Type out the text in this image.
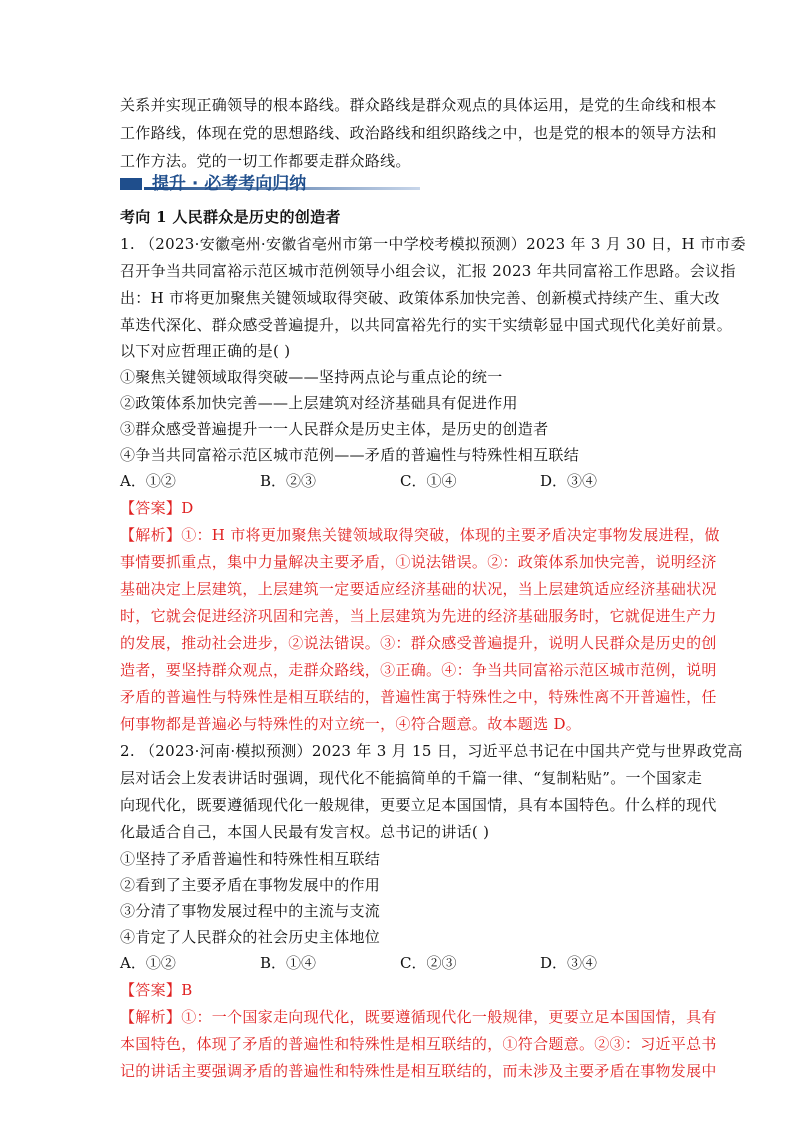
关系并实现正确领导的根本路线。群众路线是群众观点的具体运用，是党的生命线和根本
工作路线，体现在党的思想路线、政治路线和组织路线之中，也是党的根本的领导方法和
工作方法。党的一切工作都要走群众路线。
提升 · 必考考向归纳
考向 1 人民群众是历史的创造者
1. （2023·安徽亳州·安徽省亳州市第一中学校考模拟预测）2023 年 3 月 30 日，H 市市委
召开争当共同富裕示范区城市范例领导小组会议，汇报 2023 年共同富裕工作思路。会议指
出：H 市将更加聚焦关键领域取得突破、政策体系加快完善、创新模式持续产生、重大改
革迭代深化、群众感受普遍提升，以共同富裕先行的实干实绩彰显中国式现代化美好前景。
以下对应哲理正确的是( )
①聚焦关键领域取得突破——坚持两点论与重点论的统一
②政策体系加快完善——上层建筑对经济基础具有促进作用
③群众感受普遍提升一一人民群众是历史主体，是历史的创造者
④争当共同富裕示范区城市范例——矛盾的普遍性与特殊性相互联结
A．①②	B．②③	C．①④	D．③④
【答案】D
【解析】①：H 市将更加聚焦关键领域取得突破，体现的主要矛盾决定事物发展进程，做
事情要抓重点，集中力量解决主要矛盾，①说法错误。②：政策体系加快完善，说明经济
基础决定上层建筑，上层建筑一定要适应经济基础的状况，当上层建筑适应经济基础状况
时，它就会促进经济巩固和完善，当上层建筑为先进的经济基础服务时，它就促进生产力
的发展，推动社会进步，②说法错误。③：群众感受普遍提升，说明人民群众是历史的创
造者，要坚持群众观点，走群众路线，③正确。④：争当共同富裕示范区城市范例，说明
矛盾的普遍性与特殊性是相互联结的，普遍性寓于特殊性之中，特殊性离不开普遍性，任
何事物都是普遍必与特殊性的对立统一，④符合题意。故本题选 D。
2. （2023·河南·模拟预测）2023 年 3 月 15 日，习近平总书记在中国共产党与世界政党高
层对话会上发表讲话时强调，现代化不能搞简单的千篇一律、“复制粘贴”。一个国家走
向现代化，既要遵循现代化一般规律，更要立足本国国情，具有本国特色。什么样的现代
化最适合自己，本国人民最有发言权。总书记的讲话( )
①坚持了矛盾普遍性和特殊性相互联结
②看到了主要矛盾在事物发展中的作用
③分清了事物发展过程中的主流与支流
④肯定了人民群众的社会历史主体地位
A．①②	B．①④	C．②③	D．③④
【答案】B
【解析】①：一个国家走向现代化，既要遵循现代化一般规律，更要立足本国国情，具有
本国特色，体现了矛盾的普遍性和特殊性是相互联结的，①符合题意。②③：习近平总书
记的讲话主要强调矛盾的普遍性和特殊性是相互联结的，而未涉及主要矛盾在事物发展中
